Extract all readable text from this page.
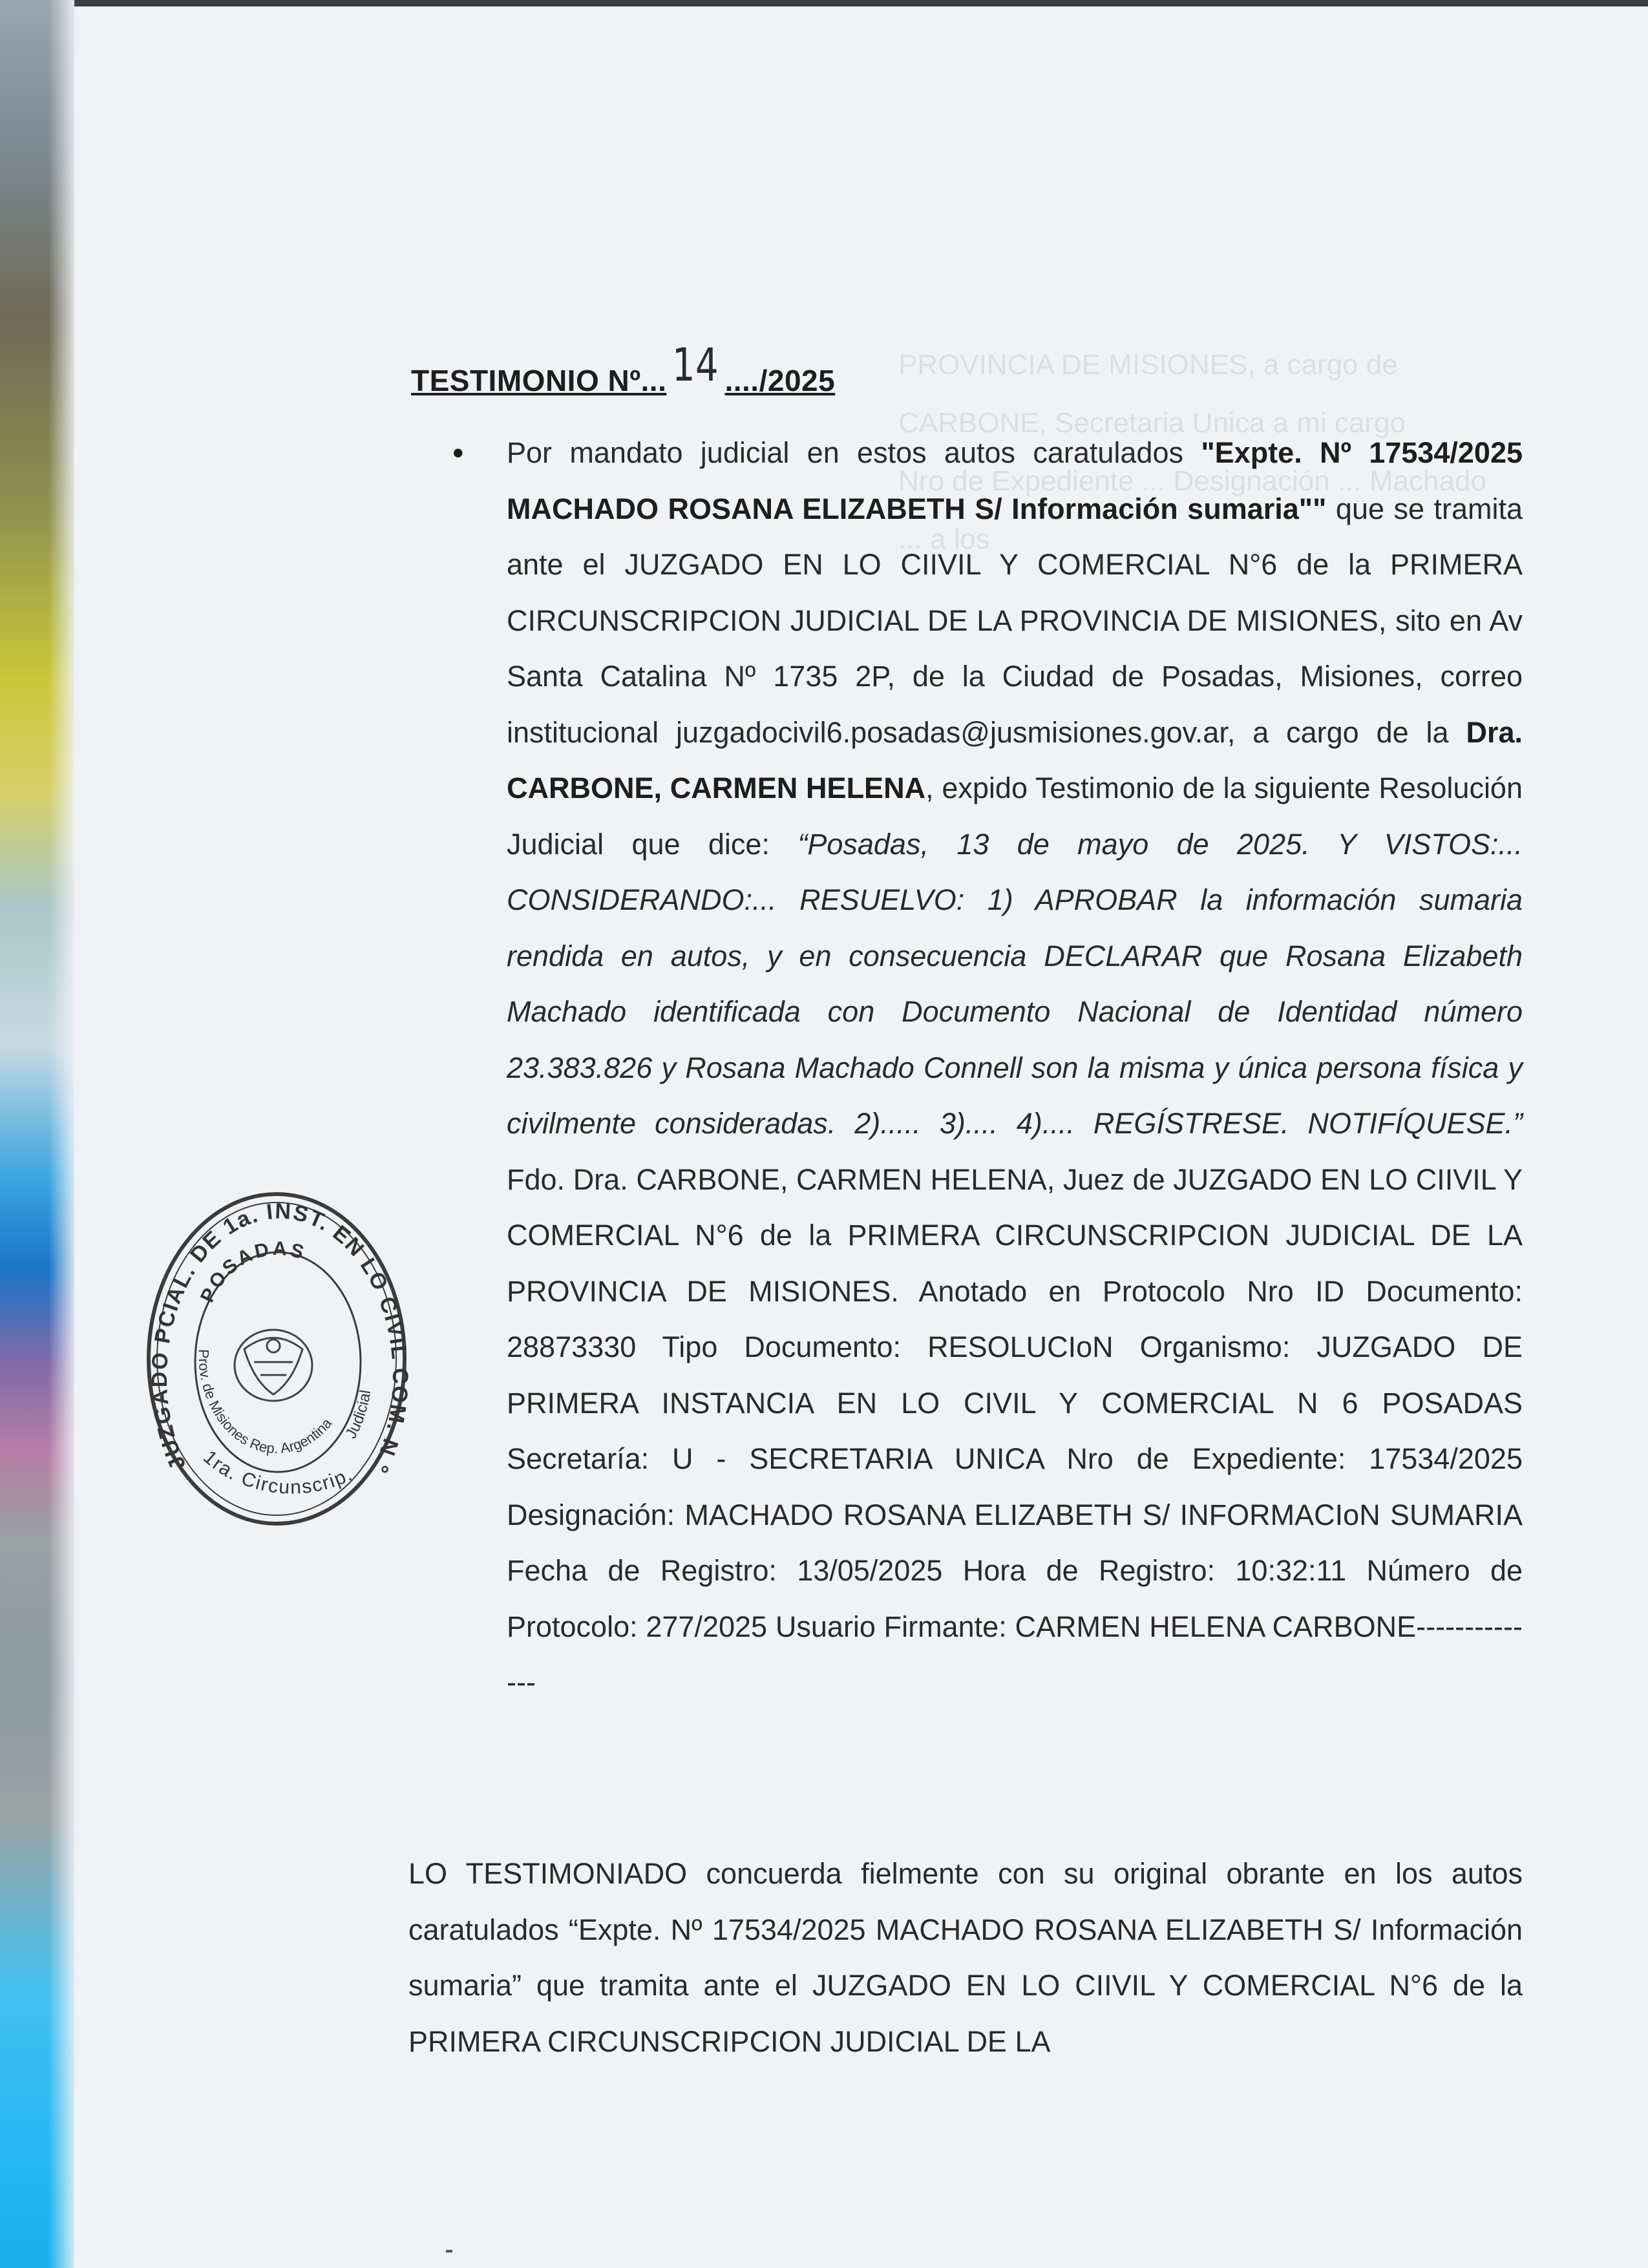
PROVINCIA DE MISIONES, a cargo de
CARBONE, Secretaria Unica a mi cargo
Nro de Expediente ... Designación ... Machado
... a los
TESTIMONIO Nº... 14 ..../2025
• Por mandato judicial en estos autos caratulados "Expte. Nº 17534/2025 MACHADO ROSANA ELIZABETH S/ Información sumaria"" que se tramita ante el JUZGADO EN LO CIIVIL Y COMERCIAL N°6 de la PRIMERA CIRCUNSCRIPCION JUDICIAL DE LA PROVINCIA DE MISIONES, sito en Av Santa Catalina Nº 1735 2P, de la Ciudad de Posadas, Misiones, correo institucional juzgadocivil6.posadas@jusmisiones.gov.ar, a cargo de la Dra. CARBONE, CARMEN HELENA, expido Testimonio de la siguiente Resolución Judicial que dice: “Posadas, 13 de mayo de 2025. Y VISTOS:... CONSIDERANDO:... RESUELVO: 1) APROBAR la información sumaria rendida en autos, y en consecuencia DECLARAR que Rosana Elizabeth Machado identificada con Documento Nacional de Identidad número 23.383.826 y Rosana Machado Connell son la misma y única persona física y civilmente consideradas. 2)..... 3).... 4).... REGÍSTRESE. NOTIFÍQUESE.” Fdo. Dra. CARBONE, CARMEN HELENA, Juez de JUZGADO EN LO CIIVIL Y COMERCIAL N°6 de la PRIMERA CIRCUNSCRIPCION JUDICIAL DE LA PROVINCIA DE MISIONES. Anotado en Protocolo Nro ID Documento: 28873330 Tipo Documento: RESOLUCIoN Organismo: JUZGADO DE PRIMERA INSTANCIA EN LO CIVIL Y COMERCIAL N 6 POSADAS Secretaría: U - SECRETARIA UNICA Nro de Expediente: 17534/2025 Designación: MACHADO ROSANA ELIZABETH S/ INFORMACIoN SUMARIA Fecha de Registro: 13/05/2025 Hora de Registro: 10:32:11 Número de Protocolo: 277/2025 Usuario Firmante: CARMEN HELENA CARBONE--------------
LO TESTIMONIADO concuerda fielmente con su original obrante en los autos caratulados “Expte. Nº 17534/2025 MACHADO ROSANA ELIZABETH S/ Información sumaria” que tramita ante el JUZGADO EN LO CIIVIL Y COMERCIAL N°6 de la PRIMERA CIRCUNSCRIPCION JUDICIAL DE LA
JUZGADO PCIAL. DE 1a. INST. EN LO CIVIL COM. N.°
POSADAS
Prov. de Misiones Rep. Argentina
Judicial
1ra. Circunscrip.
